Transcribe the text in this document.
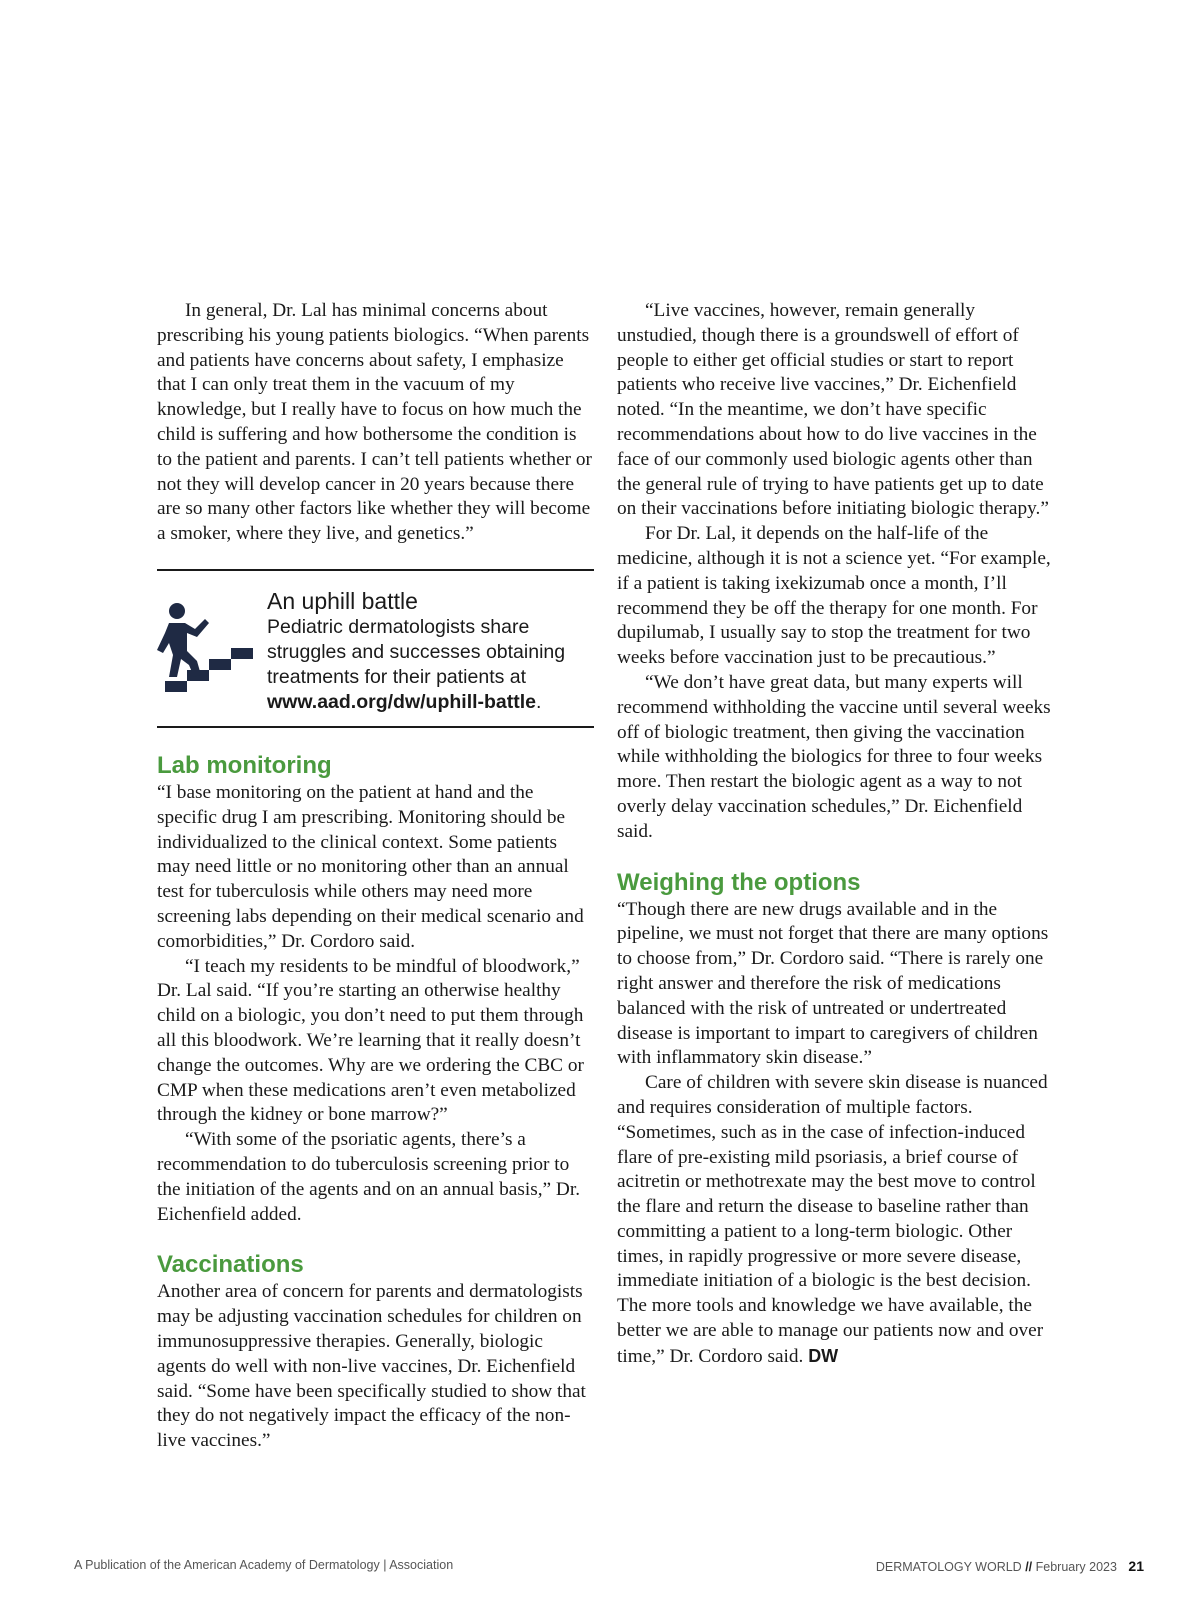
In general, Dr. Lal has minimal concerns about prescribing his young patients biologics. “When parents and patients have concerns about safety, I emphasize that I can only treat them in the vacuum of my knowledge, but I really have to focus on how much the child is suffering and how bothersome the condition is to the patient and parents. I can’t tell patients whether or not they will develop cancer in 20 years because there are so many other factors like whether they will become a smoker, where they live, and genetics.”

An uphill battle
Pediatric dermatologists share struggles and successes obtaining treatments for their patients at www.aad.org/dw/uphill-battle.
Lab monitoring

“I base monitoring on the patient at hand and the specific drug I am prescribing. Monitoring should be individualized to the clinical context. Some patients may need little or no monitoring other than an annual test for tuberculosis while others may need more screening labs depending on their medical scenario and comorbidities,” Dr. Cordoro said.

“I teach my residents to be mindful of bloodwork,” Dr. Lal said. “If you’re starting an otherwise healthy child on a biologic, you don’t need to put them through all this bloodwork. We’re learning that it really doesn’t change the outcomes. Why are we ordering the CBC or CMP when these medications aren’t even metabolized through the kidney or bone marrow?”

“With some of the psoriatic agents, there’s a recommendation to do tuberculosis screening prior to the initiation of the agents and on an annual basis,” Dr. Eichenfield added.

Vaccinations

Another area of concern for parents and dermatologists may be adjusting vaccination schedules for children on immunosuppressive therapies. Generally, biologic agents do well with non-live vaccines, Dr. Eichenfield said. “Some have been specifically studied to show that they do not negatively impact the efficacy of the non-live vaccines.”

“Live vaccines, however, remain generally unstudied, though there is a groundswell of effort of people to either get official studies or start to report patients who receive live vaccines,” Dr. Eichenfield noted. “In the meantime, we don’t have specific recommendations about how to do live vaccines in the face of our commonly used biologic agents other than the general rule of trying to have patients get up to date on their vaccinations before initiating biologic therapy.”

For Dr. Lal, it depends on the half-life of the medicine, although it is not a science yet. “For example, if a patient is taking ixekizumab once a month, I’ll recommend they be off the therapy for one month. For dupilumab, I usually say to stop the treatment for two weeks before vaccination just to be precautious.”

“We don’t have great data, but many experts will recommend withholding the vaccine until several weeks off of biologic treatment, then giving the vaccination while withholding the biologics for three to four weeks more. Then restart the biologic agent as a way to not overly delay vaccination schedules,” Dr. Eichenfield said.

Weighing the options

“Though there are new drugs available and in the pipeline, we must not forget that there are many options to choose from,” Dr. Cordoro said. “There is rarely one right answer and therefore the risk of medications balanced with the risk of untreated or undertreated disease is important to impart to caregivers of children with inflammatory skin disease.”

Care of children with severe skin disease is nuanced and requires consideration of multiple factors. “Sometimes, such as in the case of infection-induced flare of pre-existing mild psoriasis, a brief course of acitretin or methotrexate may the best move to control the flare and return the disease to baseline rather than committing a patient to a long-term biologic. Other times, in rapidly progressive or more severe disease, immediate initiation of a biologic is the best decision. The more tools and knowledge we have available, the better we are able to manage our patients now and over time,” Dr. Cordoro said. DW

A Publication of the American Academy of Dermatology | Association	DERMATOLOGY WORLD // February 2023 21
